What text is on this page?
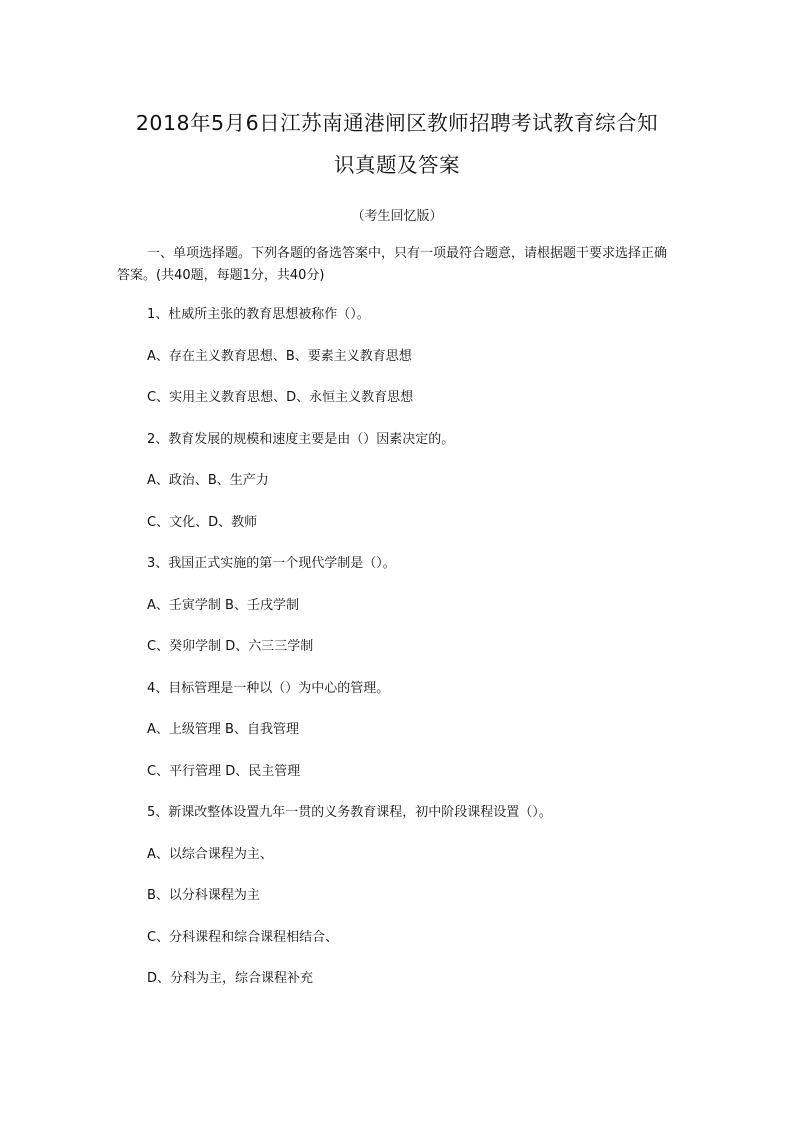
2018年5月6日江苏南通港闸区教师招聘考试教育综合知
识真题及答案
（考生回忆版）
一、单项选择题。下列各题的备选答案中，只有一项最符合题意，请根据题干要求选择正确答案。(共40题，每题1分，共40分)
1、杜威所主张的教育思想被称作（）。
A、存在主义教育思想、B、要素主义教育思想
C、实用主义教育思想、D、永恒主义教育思想
2、教育发展的规模和速度主要是由（）因素决定的。
A、政治、B、生产力
C、文化、D、教师
3、我国正式实施的第一个现代学制是（）。
A、壬寅学制 B、壬戌学制
C、癸卯学制 D、六三三学制
4、目标管理是一种以（）为中心的管理。
A、上级管理 B、自我管理
C、平行管理 D、民主管理
5、新课改整体设置九年一贯的义务教育课程，初中阶段课程设置（）。
A、以综合课程为主、
B、以分科课程为主
C、分科课程和综合课程相结合、
D、分科为主，综合课程补充
